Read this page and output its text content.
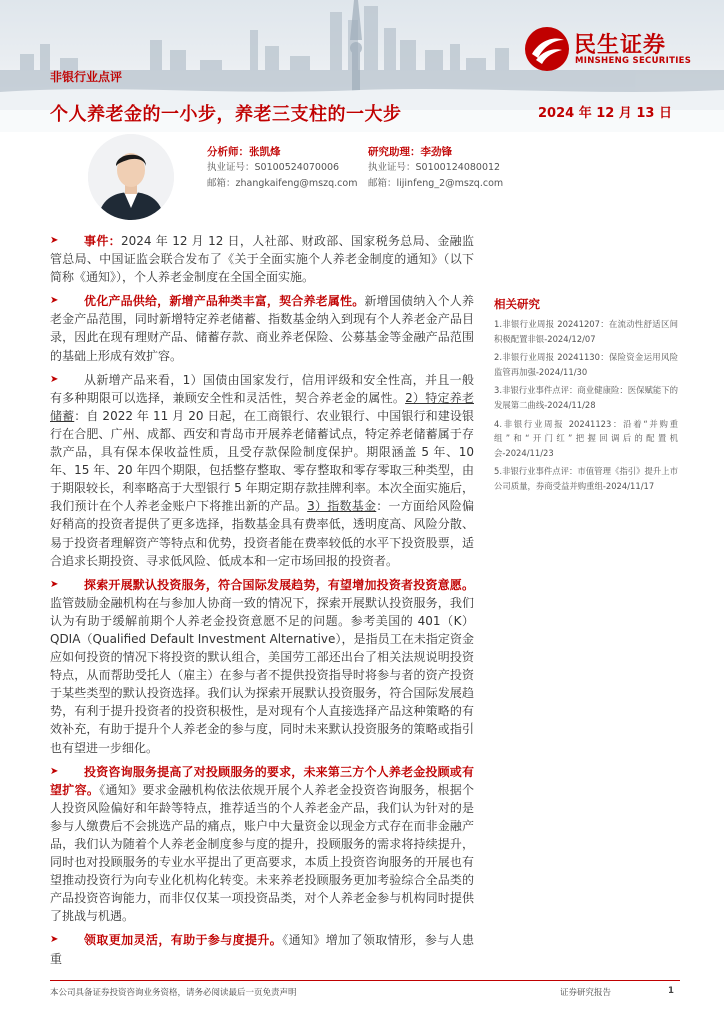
民生证券
MINSHENG SECURITIES
非银行业点评
个人养老金的一小步，养老三支柱的一大步	2024 年 12 月 13 日
分析师：张凯烽
执业证号：S0100524070006
邮箱：zhangkaifeng@mszq.com
研究助理：李劲锋
执业证号：S0100124080012
邮箱：lijinfeng_2@mszq.com

➤ 事件：2024 年 12 月 12 日，人社部、财政部、国家税务总局、金融监管总局、中国证监会联合发布了《关于全面实施个人养老金制度的通知》（以下简称《通知》），个人养老金制度在全国全面实施。

➤ 优化产品供给，新增产品种类丰富，契合养老属性。新增国债纳入个人养老金产品范围，同时新增特定养老储蓄、指数基金纳入到现有个人养老金产品目录，因此在现有理财产品、储蓄存款、商业养老保险、公募基金等金融产品范围的基础上形成有效扩容。

➤ 从新增产品来看，1）国债由国家发行，信用评级和安全性高，并且一般有多种期限可以选择，兼顾安全性和灵活性，契合养老金的属性。2）特定养老储蓄：自 2022 年 11 月 20 日起，在工商银行、农业银行、中国银行和建设银行在合肥、广州、成都、西安和青岛市开展养老储蓄试点，特定养老储蓄属于存款产品，具有保本保收益性质，且受存款保险制度保护。期限涵盖 5 年、10 年、15 年、20 年四个期限，包括整存整取、零存整取和零存零取三种类型，由于期限较长，利率略高于大型银行 5 年期定期存款挂牌利率。本次全面实施后，我们预计在个人养老金账户下将推出新的产品。3）指数基金：一方面给风险偏好稍高的投资者提供了更多选择，指数基金具有费率低，透明度高、风险分散、易于投资者理解资产等特点和优势，投资者能在费率较低的水平下投资股票，适合追求长期投资、寻求低风险、低成本和一定市场回报的投资者。

➤ 探索开展默认投资服务，符合国际发展趋势，有望增加投资者投资意愿。监管鼓励金融机构在与参加人协商一致的情况下，探索开展默认投资服务，我们认为有助于缓解前期个人养老金投资意愿不足的问题。参考美国的 401（K）QDIA（Qualified Default Investment Alternative），是指员工在未指定资金应如何投资的情况下将投资的默认组合，美国劳工部还出台了相关法规说明投资特点，从而帮助受托人（雇主）在参与者不提供投资指导时将参与者的资产投资于某些类型的默认投资选择。我们认为探索开展默认投资服务，符合国际发展趋势，有利于提升投资者的投资积极性，是对现有个人直接选择产品这种策略的有效补充，有助于提升个人养老金的参与度，同时未来默认投资服务的策略或指引也有望进一步细化。

➤ 投资咨询服务提高了对投顾服务的要求，未来第三方个人养老金投顾或有望扩容。《通知》要求金融机构依法依规开展个人养老金投资咨询服务，根据个人投资风险偏好和年龄等特点，推荐适当的个人养老金产品，我们认为针对的是参与人缴费后不会挑选产品的痛点，账户中大量资金以现金方式存在而非金融产品，我们认为随着个人养老金制度参与度的提升，投顾服务的需求将持续提升，同时也对投顾服务的专业水平提出了更高要求，本质上投资咨询服务的开展也有望推动投资行为向专业化机构化转变。未来养老投顾服务更加考验综合全品类的产品投资咨询能力，而非仅仅某一项投资品类，对个人养老金参与机构同时提供了挑战与机遇。

➤ 领取更加灵活，有助于参与度提升。《通知》增加了领取情形，参与人患重

相关研究
1.非银行业周报 20241207：在流动性舒适区间积极配置非银-2024/12/07
2.非银行业周报 20241130：保险资金运用风险监管再加强-2024/11/30
3.非银行业事件点评：商业健康险：医保赋能下的发展第二曲线-2024/11/28
4.非银行业周报 20241123：沿着“并购重组”和“开门红”把握回调后的配置机会-2024/11/23
5.非银行业事件点评：市值管理《指引》提升上市公司质量，券商受益并购重组-2024/11/17
本公司具备证券投资咨询业务资格，请务必阅读最后一页免责声明	证券研究报告	1
